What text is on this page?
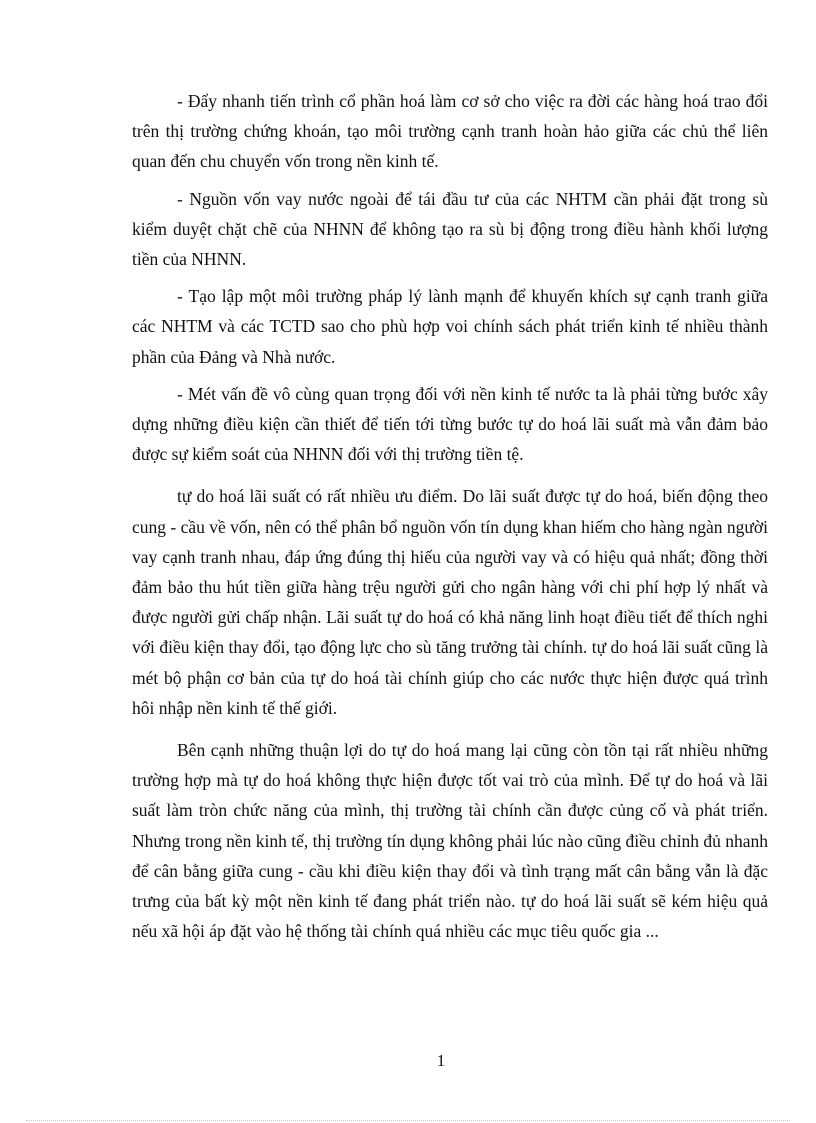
- Đẩy nhanh tiến trình cổ phần hoá làm cơ sở cho việc ra đời các hàng hoá trao đổi trên thị trường chứng khoán, tạo môi trường cạnh tranh hoàn hảo giữa các chủ thể liên quan đến chu chuyển vốn trong nền kinh tế.

- Nguồn vốn vay nước ngoài để tái đầu tư của các NHTM cần phải đặt trong sù kiểm duyệt chặt chẽ của NHNN để không tạo ra sù bị động trong điều hành khối lượng tiền của NHNN.

- Tạo lập một môi trường pháp lý lành mạnh để khuyến khích sự cạnh tranh giữa các NHTM và các TCTD sao cho phù hợp voi chính sách phát triển kinh tế nhiều thành phần của Đảng và Nhà nước.

- Mét vấn đề vô cùng quan trọng đối với nền kinh tế nước ta là phải từng bước xây dựng những điều kiện cần thiết để tiến tới từng bước tự do hoá lãi suất mà vẫn đảm bảo được sự kiểm soát của NHNN đối với thị trường tiền tệ.

tự do hoá lãi suất có rất nhiều ưu điểm. Do lãi suất được tự do hoá, biến động theo cung - cầu về vốn, nên có thể phân bổ nguồn vốn tín dụng khan hiếm cho hàng ngàn người vay cạnh tranh nhau, đáp ứng đúng thị hiếu của người vay và có hiệu quả nhất; đồng thời đảm bảo thu hút tiền giữa hàng trệu người gửi cho ngân hàng với chi phí hợp lý nhất và được người gửi chấp nhận. Lãi suất tự do hoá có khả năng linh hoạt điều tiết để thích nghi với điều kiện thay đổi, tạo động lực cho sù tăng trưởng tài chính. tự do hoá lãi suất cũng là mét bộ phận cơ bản của tự do hoá tài chính giúp cho các nước thực hiện được quá trình hôi nhập nền kinh tế thế giới.

Bên cạnh những thuận lợi do tự do hoá mang lại cũng còn tồn tại rất nhiều những trường hợp mà tự do hoá không thực hiện được tốt vai trò của mình. Để tự do hoá và lãi suất làm tròn chức năng của mình, thị trường tài chính cần được củng cố và phát triển. Nhưng trong nền kinh tế, thị trường tín dụng không phải lúc nào cũng điều chỉnh đủ nhanh để cân bằng giữa cung - cầu khi điều kiện thay đổi và tình trạng mất cân bằng vẫn là đặc trưng của bất kỳ một nền kinh tế đang phát triển nào. tự do hoá lãi suất sẽ kém hiệu quả nếu xã hội áp đặt vào hệ thống tài chính quá nhiều các mục tiêu quốc gia ...

1
